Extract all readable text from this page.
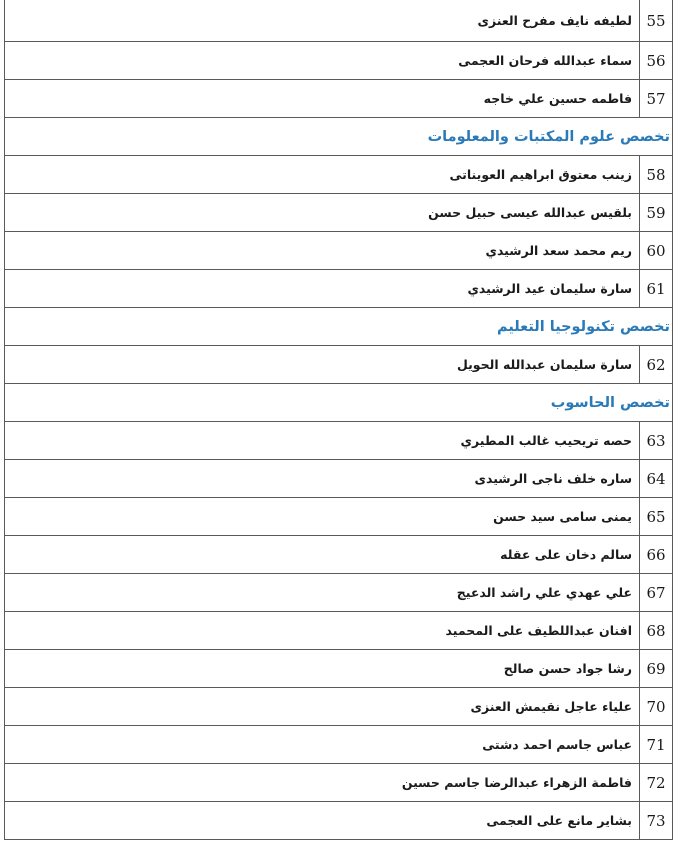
55
لطيفه نايف مفرح العنزى
56
سماء عبدالله فرحان العجمى
57
فاطمه حسين علي خاجه
تخصص علوم المكتبات والمعلومات
58
زينب معتوق ابراهيم العويناتى
59
بلقيس عبدالله عيسى حبيل حسن
60
ريم محمد سعد الرشيدي
61
سارة سليمان عيد الرشيدي
تخصص تكنولوجيا التعليم
62
سارة سليمان عبدالله الحويل
تخصص الحاسوب
63
حصه تريحيب غالب المطيري
64
ساره خلف ناجى الرشيدى
65
يمنى سامى سيد حسن
66
سالم دخان على عقله
67
علي عهدي علي راشد الدعيج
68
افنان عبداللطيف على المحميد
69
رشا جواد حسن صالح
70
علياء عاجل نقيمش العنزى
71
عباس جاسم احمد دشتى
72
فاطمة الزهراء عبدالرضا جاسم حسين
73
بشاير مانع على العجمى
